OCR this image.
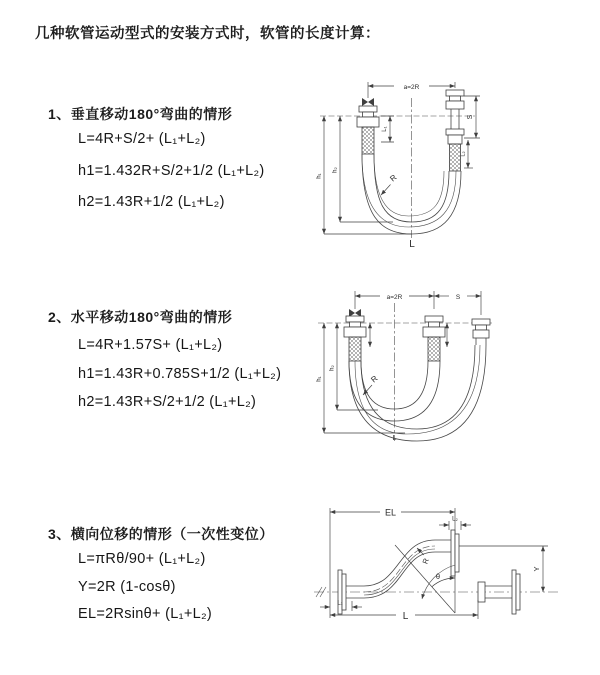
几种软管运动型式的安装方式时，软管的长度计算：
1、垂直移动180°弯曲的情形
L=4R+S/2+ (L₁+L₂)
h1=1.432R+S/2+1/2 (L₁+L₂)
h2=1.43R+1/2 (L₁+L₂)
a=2R
L₁
S
L₂
h₁
h₂
R
L
2、水平移动180°弯曲的情形
L=4R+1.57S+ (L₁+L₂)
h1=1.43R+0.785S+1/2 (L₁+L₂)
h2=1.43R+S/2+1/2 (L₁+L₂)
a=2R	S
h₁
h₂
R
L
3、横向位移的情形（一次性变位）
L=πRθ/90+ (L₁+L₂)
Y=2R (1-cosθ)
EL=2Rsinθ+ (L₁+L₂)
EL
L₂
Y
θ
R
L
L₁
